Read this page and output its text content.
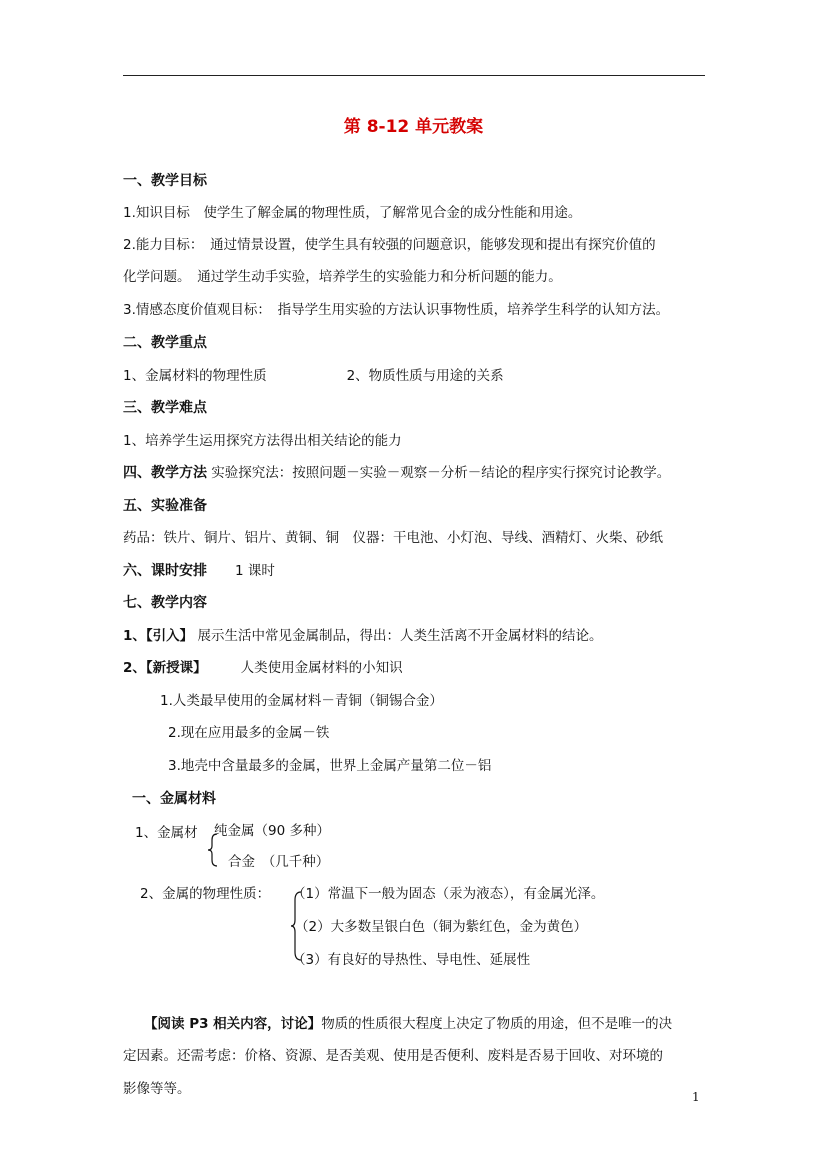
第 8-12 单元教案
一、教学目标
1.知识目标　使学生了解金属的物理性质，了解常见合金的成分性能和用途。
2.能力目标：　通过情景设置，使学生具有较强的问题意识，能够发现和提出有探究价值的
化学问题。　通过学生动手实验，培养学生的实验能力和分析问题的能力。
3.情感态度价值观目标：　指导学生用实验的方法认识事物性质，培养学生科学的认知方法。
二、教学重点
1、金属材料的物理性质	2、物质性质与用途的关系
三、教学难点
1、培养学生运用探究方法得出相关结论的能力
四、教学方法 实验探究法：按照问题－实验－观察－分析－结论的程序实行探究讨论教学。
五、实验准备
药品：铁片、铜片、铝片、黄铜、铜　仪器：干电池、小灯泡、导线、酒精灯、火柴、砂纸
六、课时安排 1 课时
七、教学内容
1、【引入】 展示生活中常见金属制品，得出：人类生活离不开金属材料的结论。
2、【新授课】	人类使用金属材料的小知识
1.人类最早使用的金属材料－青铜（铜锡合金）
2.现在应用最多的金属－铁
3.地壳中含量最多的金属，世界上金属产量第二位－铝
一、金属材料
1、金属材 纯金属（90 多种）
合金　（几千种）
2、金属的物理性质： （1）常温下一般为固态（汞为液态），有金属光泽。
（2）大多数呈银白色（铜为紫红色，金为黄色）
（3）有良好的导热性、导电性、延展性
【阅读 P3 相关内容，讨论】物质的性质很大程度上决定了物质的用途，但不是唯一的决
定因素。还需考虑：价格、资源、是否美观、使用是否便利、废料是否易于回收、对环境的
影像等等。	1
